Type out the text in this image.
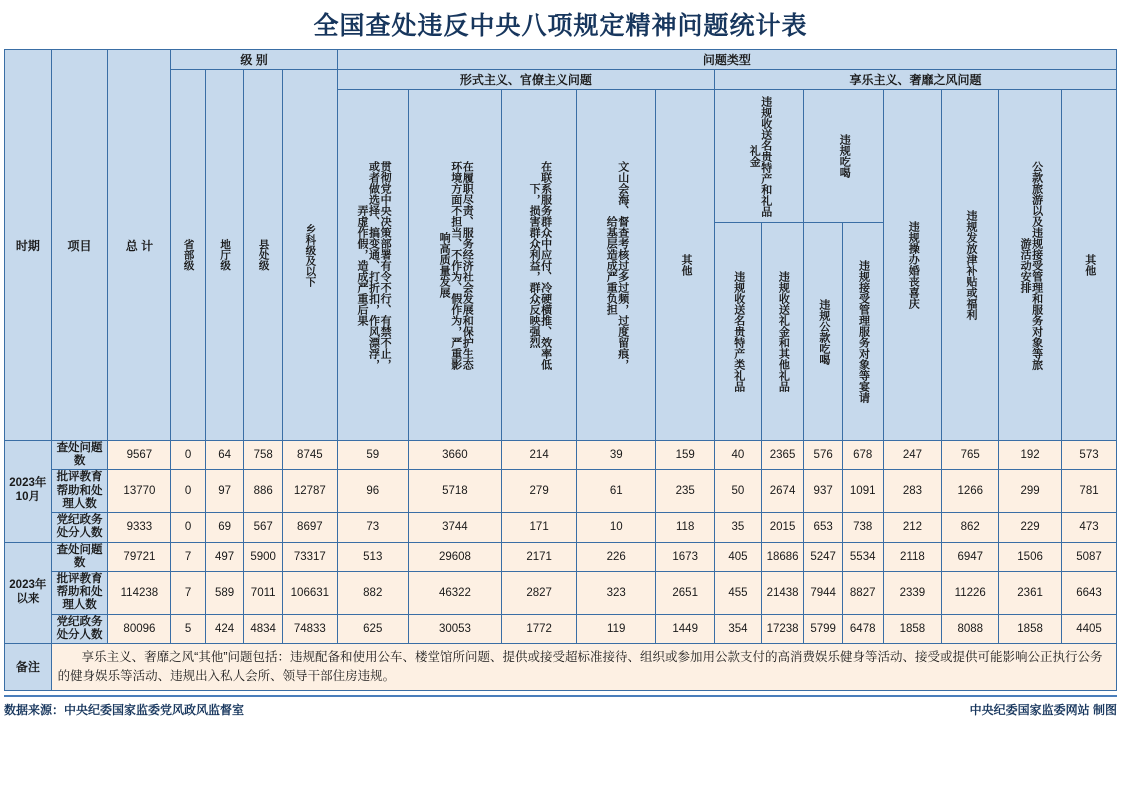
全国查处违反中央八项规定精神问题统计表
时期	项目	总 计	级 别				问题类型												

			省部级	地厅级	县处级	乡科级及以下	形式主义、官僚主义问题					享乐主义、奢靡之风问题							

							贯彻党中央决策部署有令不行、有禁不止，或者做选择、搞变通、打折扣，作风漂浮，弄虚作假，造成严重后果	在履职尽责、服务经济社会发展和保护生态环境方面不担当、不作为、假作为，严重影响高质量发展	在联系服务群众中应付、冷硬横推、效率低下，损害群众利益，群众反映强烈	文山会海、督查考核过多过频，过度留痕，给基层造成严重负担	其他	违规收送名贵特产和礼品礼金		违规吃喝		违规操办婚丧喜庆	违规发放津补贴或福利	公款旅游以及违规接受管理和服务对象等旅游活动安排	其他

												违规收送名贵特产类礼品	违规收送礼金和其他礼品	违规公款吃喝	违规接受管理服务对象等宴请				

2023年10月	查处问题数	9567	0	64	758	8745	59	3660	214	39	159	40	2365	576	678	247	765	192	573
	批评教育帮助和处理人数	13770	0	97	886	12787	96	5718	279	61	235	50	2674	937	1091	283	1266	299	781
	党纪政务处分人数	9333	0	69	567	8697	73	3744	171	10	118	35	2015	653	738	212	862	229	473
2023年以来	查处问题数	79721	7	497	5900	73317	513	29608	2171	226	1673	405	18686	5247	5534	2118	6947	1506	5087
	批评教育帮助和处理人数	114238	7	589	7011	106631	882	46322	2827	323	2651	455	21438	7944	8827	2339	11226	2361	6643
	党纪政务处分人数	80096	5	424	4834	74833	625	30053	1772	119	1449	354	17238	5799	6478	1858	8088	1858	4405
备注	享乐主义、奢靡之风“其他”问题包括：违规配备和使用公车、楼堂馆所问题、提供或接受超标准接待、组织或参加用公款支付的高消费娱乐健身等活动、接受或提供可能影响公正执行公务的健身娱乐等活动、违规出入私人会所、领导干部住房违规。																		
数据来源：中央纪委国家监委党风政风监督室	中央纪委国家监委网站 制图
